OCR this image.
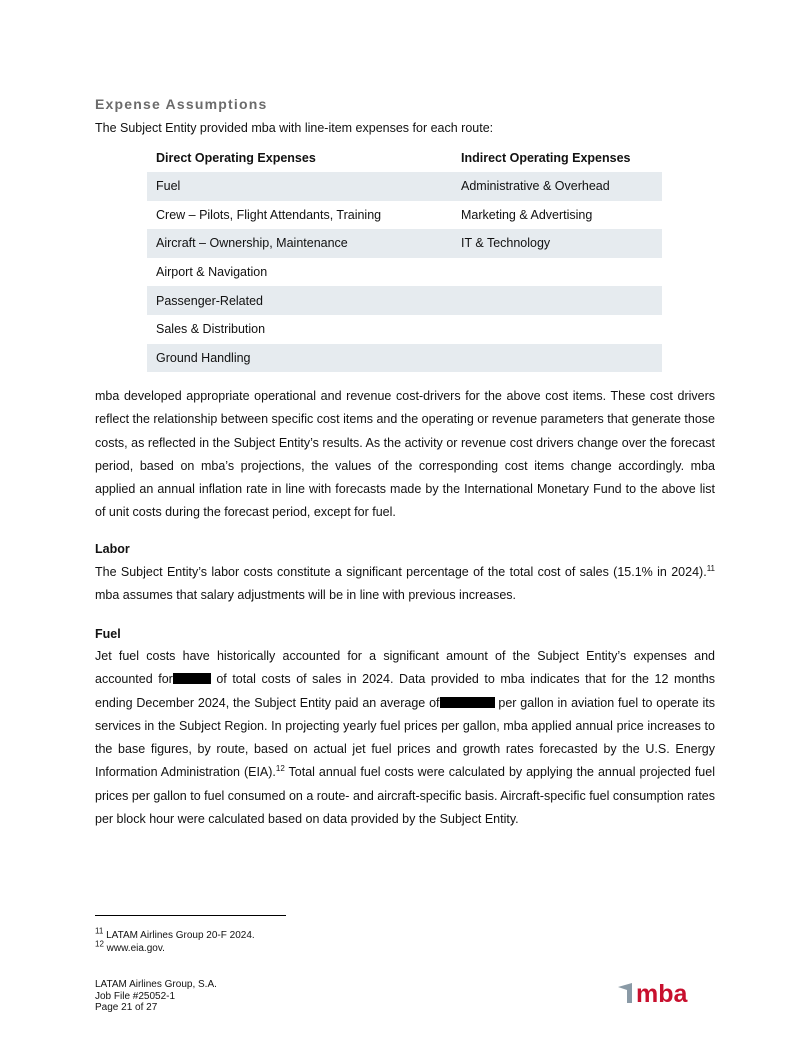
Expense Assumptions
The Subject Entity provided mba with line-item expenses for each route:
Direct Operating Expenses	Indirect Operating Expenses
Fuel	Administrative & Overhead
Crew – Pilots, Flight Attendants, Training	Marketing & Advertising
Aircraft – Ownership, Maintenance	IT & Technology
Airport & Navigation	
Passenger-Related	
Sales & Distribution	
Ground Handling	

mba developed appropriate operational and revenue cost-drivers for the above cost items. These cost drivers reflect the relationship between specific cost items and the operating or revenue parameters that generate those costs, as reflected in the Subject Entity’s results. As the activity or revenue cost drivers change over the forecast period, based on mba’s projections, the values of the corresponding cost items change accordingly. mba applied an annual inflation rate in line with forecasts made by the International Monetary Fund to the above list of unit costs during the forecast period, except for fuel.

Labor

The Subject Entity’s labor costs constitute a significant percentage of the total cost of sales (15.1% in 2024).$^{11}$ mba assumes that salary adjustments will be in line with previous increases.

Fuel

Jet fuel costs have historically accounted for a significant amount of the Subject Entity’s expenses and accounted for	of total costs of sales in 2024. Data provided to mba indicates that for the 12 months ending December 2024, the Subject Entity paid an average of	per gallon in aviation fuel to operate its services in the Subject Region. In projecting yearly fuel prices per gallon, mba applied annual price increases to the base figures, by route, based on actual jet fuel prices and growth rates forecasted by the U.S. Energy Information Administration (EIA).$^{12}$ Total annual fuel costs were calculated by applying the annual projected fuel prices per gallon to fuel consumed on a route- and aircraft-specific basis. Aircraft-specific fuel consumption rates per block hour were calculated based on data provided by the Subject Entity.

$^{11}$ LATAM Airlines Group 20-F 2024.
$^{12}$ www.eia.gov.
LATAM Airlines Group, S.A.
Job File #25052-1
Page 21 of 27	mba
